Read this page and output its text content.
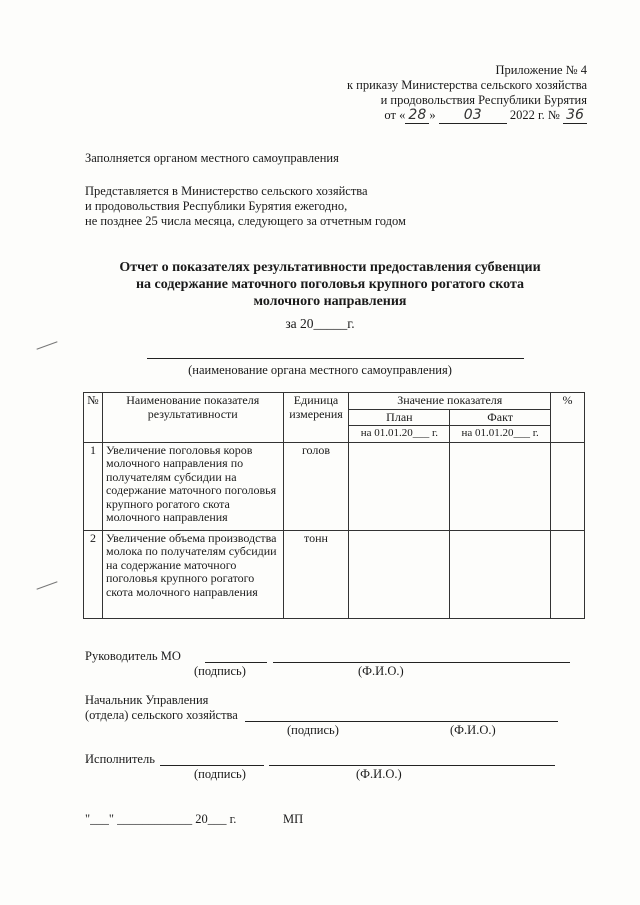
Приложение № 4
к приказу Министерства сельского хозяйства
и продовольствия Республики Бурятия
от « 28 » 03 2022 г. № 36
Заполняется органом местного самоуправления
Представляется в Министерство сельского хозяйства
и продовольствия Республики Бурятия ежегодно,
не позднее 25 числа месяца, следующего за отчетным годом
Отчет о показателях результативности предоставления субвенции
на содержание маточного поголовья крупного рогатого скота
молочного направления
за 20_____г.
(наименование органа местного самоуправления)
№	Наименование показателя результативности	Единица измерения	Значение показателя		%
			План	Факт	
			на 01.01.20___ г.	на 01.01.20___ г.	
1	Увеличение поголовья коров молочного направления по получателям субсидии на содержание маточного поголовья крупного рогатого скота молочного направления	голов			
2	Увеличение объема производства молока по получателям субсидии на содержание маточного поголовья крупного рогатого скота молочного направления	тонн			
Руководитель МО
(подпись)	(Ф.И.О.)
Начальник Управления
(отдела) сельского хозяйства
(подпись)	(Ф.И.О.)
Исполнитель
(подпись)	(Ф.И.О.)
"___" ____________ 20___ г.	МП
